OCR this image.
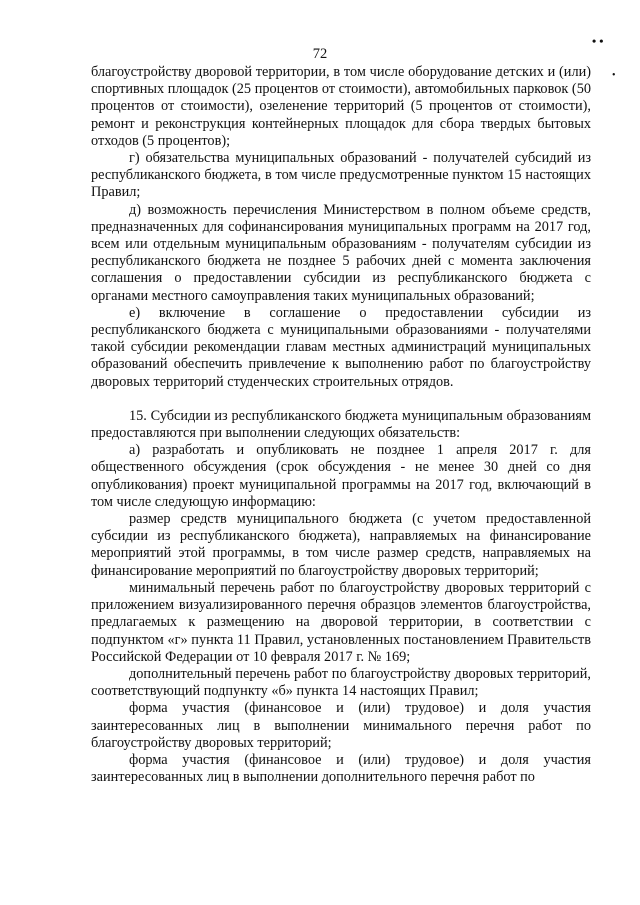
• •
•
72

благоустройству дворовой территории, в том числе оборудование детских и (или) спортивных площадок (25 процентов от стоимости), автомобильных парковок (50 процентов от стоимости), озеленение территорий (5 процентов от стоимости), ремонт и реконструкция контейнерных площадок для сбора твердых бытовых отходов (5 процентов);

г) обязательства муниципальных образований - получателей субсидий из республиканского бюджета, в том числе предусмотренные пунктом 15 настоящих Правил;

д) возможность перечисления Министерством в полном объеме средств, предназначенных для софинансирования муниципальных программ на 2017 год, всем или отдельным муниципальным образованиям - получателям субсидии из республиканского бюджета не позднее 5 рабочих дней с момента заключения соглашения о предоставлении субсидии из республиканского бюджета с органами местного самоуправления таких муниципальных образований;

е) включение в соглашение о предоставлении субсидии из республиканского бюджета с муниципальными образованиями - получателями такой субсидии рекомендации главам местных администраций муниципальных образований обеспечить привлечение к выполнению работ по благоустройству дворовых территорий студенческих строительных отрядов.

15. Субсидии из республиканского бюджета муниципальным образованиям предоставляются при выполнении следующих обязательств:

а) разработать и опубликовать не позднее 1 апреля 2017 г. для общественного обсуждения (срок обсуждения - не менее 30 дней со дня опубликования) проект муниципальной программы на 2017 год, включающий в том числе следующую информацию:

размер средств муниципального бюджета (с учетом предоставленной субсидии из республиканского бюджета), направляемых на финансирование мероприятий этой программы, в том числе размер средств, направляемых на финансирование мероприятий по благоустройству дворовых территорий;

минимальный перечень работ по благоустройству дворовых территорий с приложением визуализированного перечня образцов элементов благоустройства, предлагаемых к размещению на дворовой территории, в соответствии с подпунктом «г» пункта 11 Правил, установленных постановлением Правительств Российской Федерации от 10 февраля 2017 г. № 169;

дополнительный перечень работ по благоустройству дворовых территорий, соответствующий подпункту «б» пункта 14 настоящих Правил;

форма участия (финансовое и (или) трудовое) и доля участия заинтересованных лиц в выполнении минимального перечня работ по благоустройству дворовых территорий;

форма участия (финансовое и (или) трудовое) и доля участия заинтересованных лиц в выполнении дополнительного перечня работ по
